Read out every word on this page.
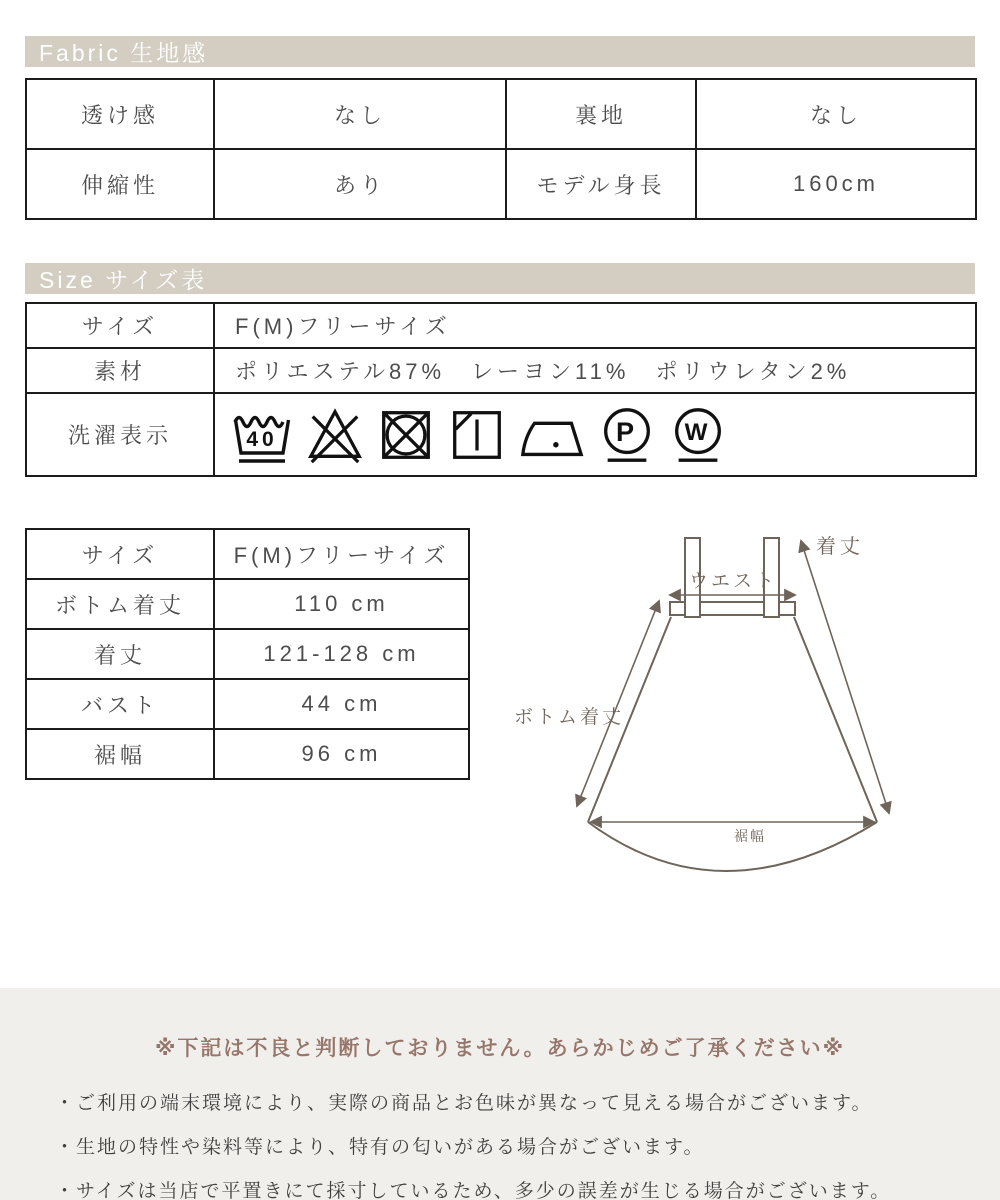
Fabric 生地感
透け感	なし	裏地	なし
伸縮性	あり	モデル身長	160cm
Size サイズ表
サイズ	F(M)フリーサイズ
素材	ポリエステル87%　レーヨン11%　ポリウレタン2%
洗濯表示	40 P W
サイズ	F(M)フリーサイズ
ボトム着丈	110 cm
着丈	121-128 cm
バスト	44 cm
裾幅	96 cm
ウエスト
着丈
ボトム着丈
裾幅
※下記は不良と判断しておりません。あらかじめご了承ください※
・ご利用の端末環境により、実際の商品とお色味が異なって見える場合がございます。
・生地の特性や染料等により、特有の匂いがある場合がございます。
・サイズは当店で平置きにて採寸しているため、多少の誤差が生じる場合がございます。
